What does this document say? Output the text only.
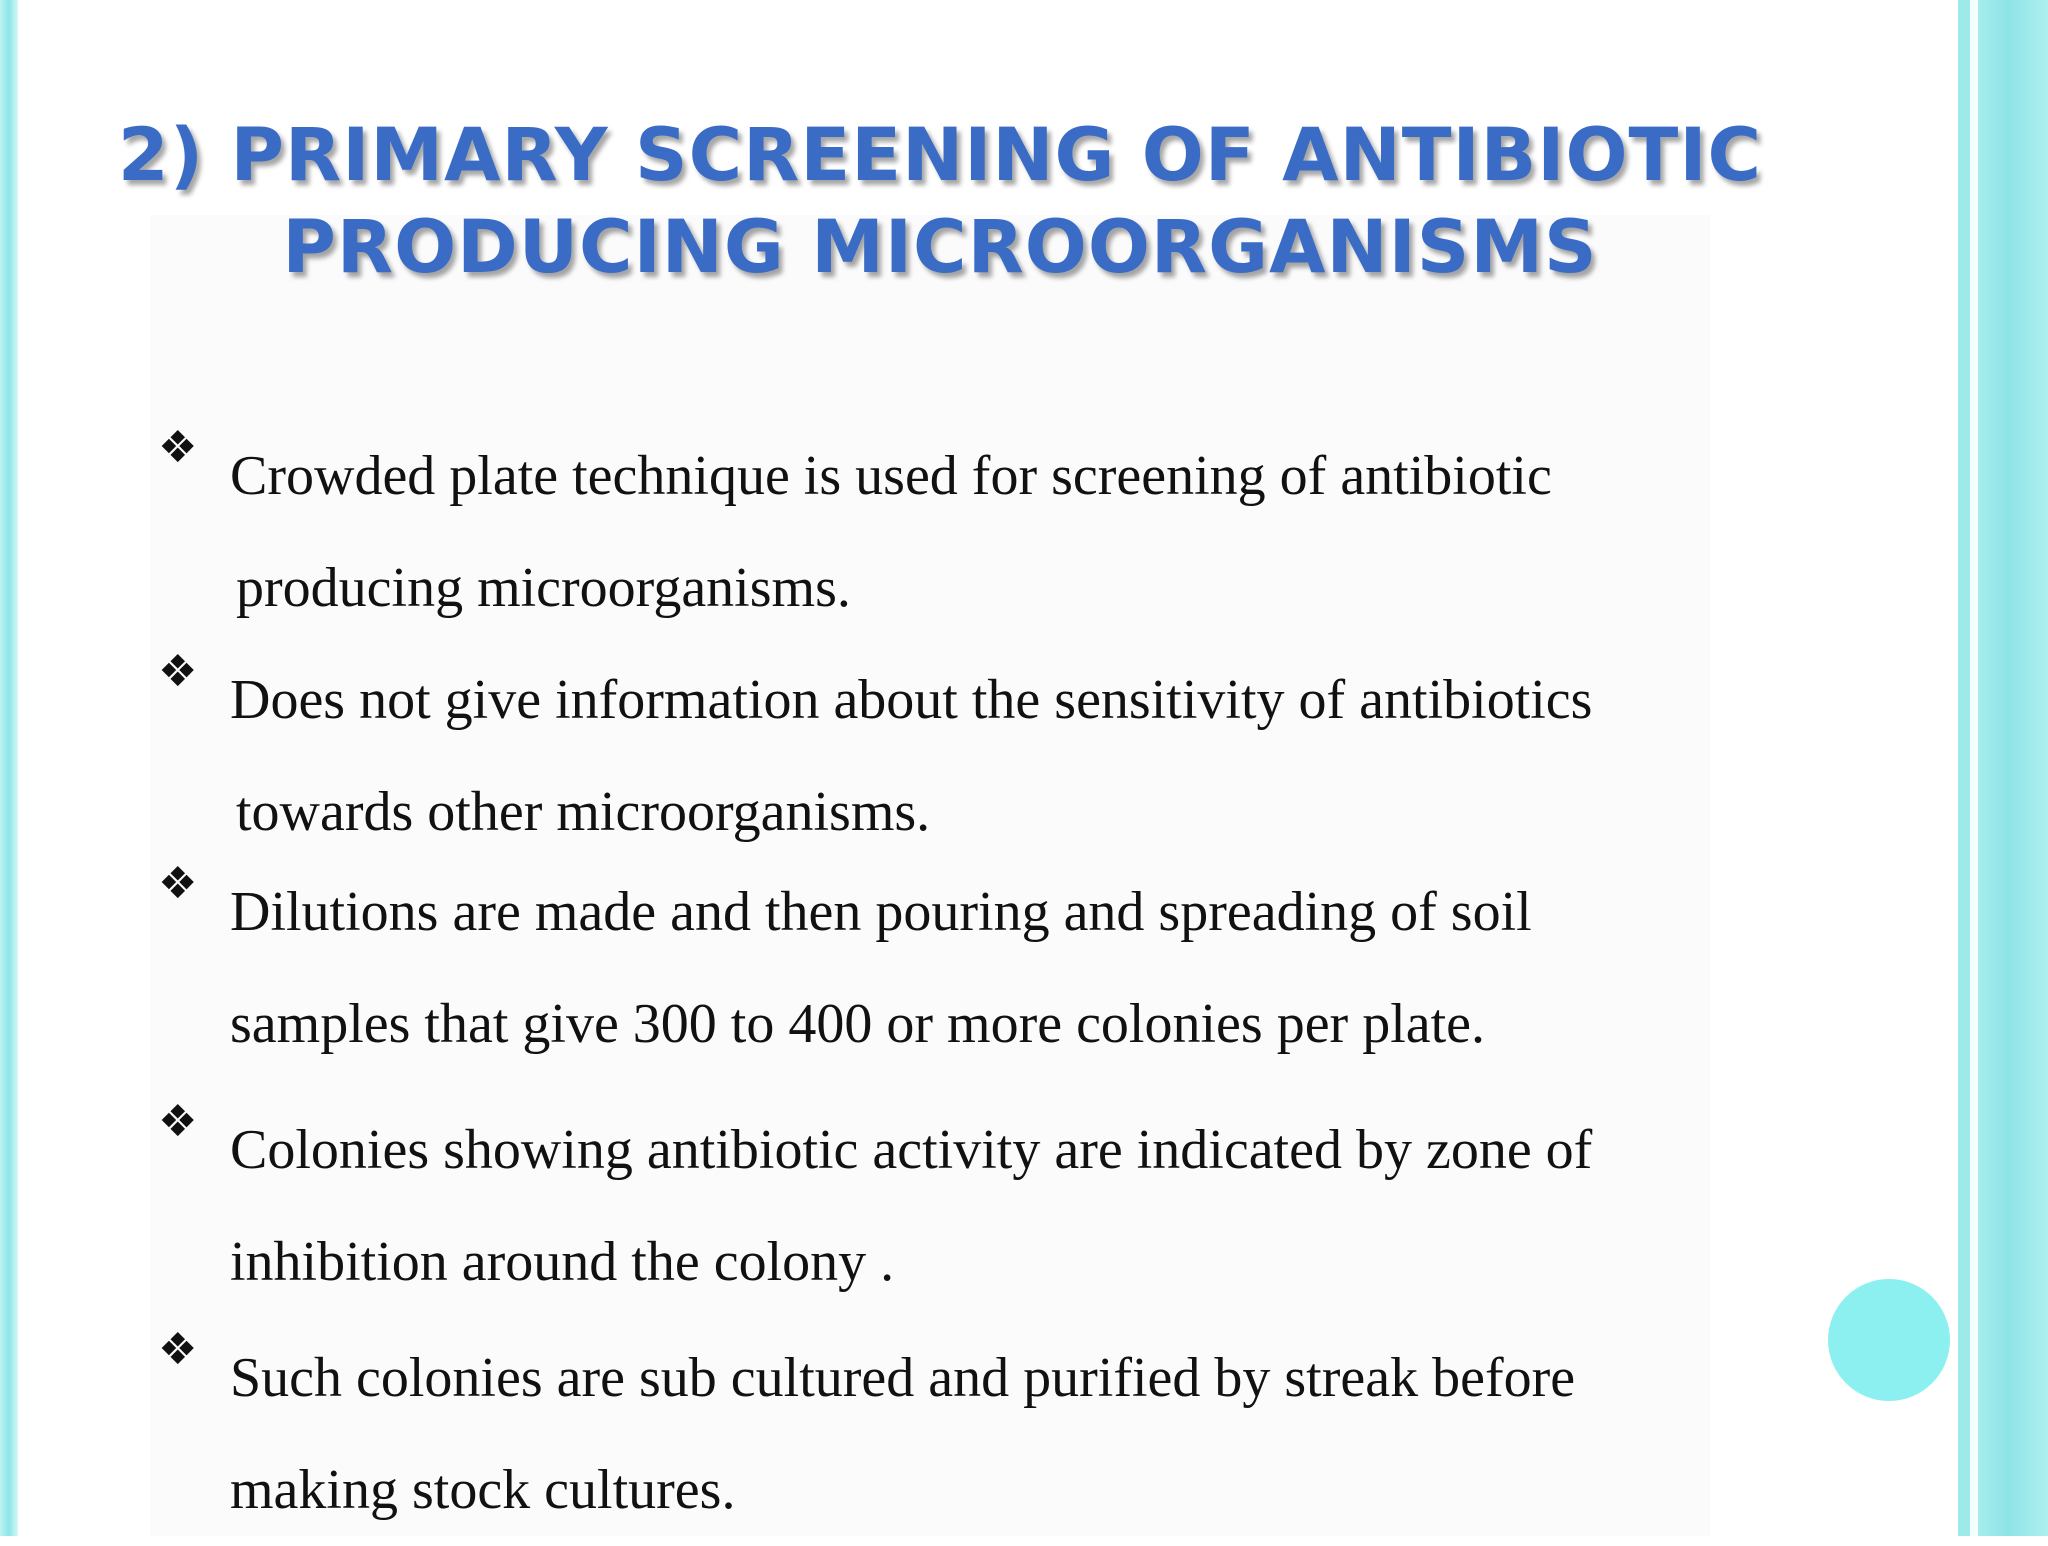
2) PRIMARY SCREENING OF ANTIBIOTIC
PRODUCING MICROORGANISMS
❖ Crowded plate technique is used for screening of antibiotic
producing microorganisms.
❖ Does not give information about the sensitivity of antibiotics
towards other microorganisms.
❖ Dilutions are made and then pouring and spreading of soil
samples that give 300 to 400 or more colonies per plate.
❖ Colonies showing antibiotic activity are indicated by zone of
inhibition around the colony .
❖ Such colonies are sub cultured and purified by streak before
making stock cultures.
